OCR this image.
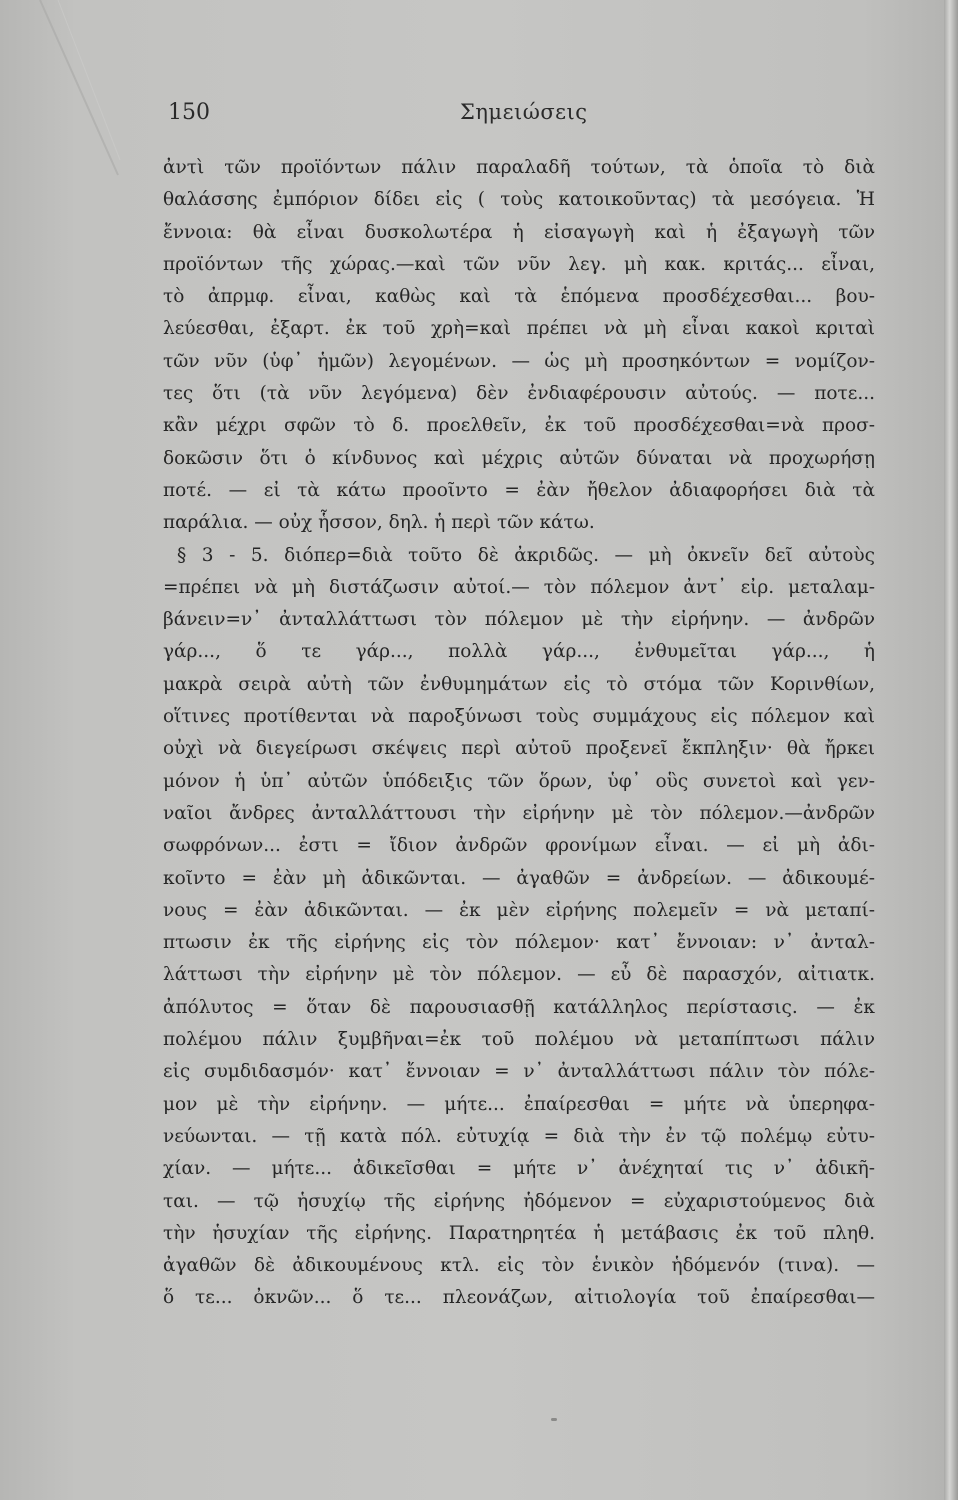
150	Σημειώσεις
ἀντὶ τῶν προϊόντων πάλιν παραλαδῆ τούτων, τὰ ὁποῖα τὸ διὰ
θαλάσσης ἐμπόριον δίδει εἰς ( τοὺς κατοικοῦντας) τὰ μεσόγεια. Ἡ
ἔννοια: θὰ εἶναι δυσκολωτέρα ἡ εἰσαγωγὴ καὶ ἡ ἐξαγωγὴ τῶν
προϊόντων τῆς χώρας.—καὶ τῶν νῦν λεγ. μὴ κακ. κριτάς... εἶναι,
τὸ ἀπρμφ. εἶναι, καθὼς καὶ τὰ ἑπόμενα προσδέχεσθαι... βου-
λεύεσθαι, ἐξαρτ. ἐκ τοῦ χρὴ=καὶ πρέπει νὰ μὴ εἶναι κακοὶ κριταὶ
τῶν νῦν (ὑφ᾽ ἡμῶν) λεγομένων. — ὡς μὴ προσηκόντων = νομίζον-
τες ὅτι (τὰ νῦν λεγόμενα) δὲν ἐνδιαφέρουσιν αὐτούς. — ποτε...
κἂν μέχρι σφῶν τὸ δ. προελθεῖν, ἐκ τοῦ προσδέχεσθαι=νὰ προσ-
δοκῶσιν ὅτι ὁ κίνδυνος καὶ μέχρις αὐτῶν δύναται νὰ προχωρήσῃ
ποτέ. — εἰ τὰ κάτω προοῖντο = ἐὰν ἤθελον ἀδιαφορήσει διὰ τὰ
παράλια. — οὐχ ἧσσον, δηλ. ἡ περὶ τῶν κάτω.
§ 3 - 5. διόπερ=διὰ τοῦτο δὲ ἀκριδῶς. — μὴ ὀκνεῖν δεῖ αὐτοὺς
=πρέπει νὰ μὴ διστάζωσιν αὐτοί.— τὸν πόλεμον ἀντ᾽ εἰρ. μεταλαμ-
βάνειν=ν᾽ ἀνταλλάττωσι τὸν πόλεμον μὲ τὴν εἰρήνην. — ἀνδρῶν
γάρ..., ὅ τε γάρ..., πολλὰ γάρ..., ἐνθυμεῖται γάρ..., ἡ
μακρὰ σειρὰ αὐτὴ τῶν ἐνθυμημάτων εἰς τὸ στόμα τῶν Κορινθίων,
οἵτινες προτίθενται νὰ παροξύνωσι τοὺς συμμάχους εἰς πόλεμον καὶ
οὐχὶ νὰ διεγείρωσι σκέψεις περὶ αὐτοῦ προξενεῖ ἔκπληξιν· θὰ ἤρκει
μόνον ἡ ὑπ᾽ αὐτῶν ὑπόδειξις τῶν ὅρων, ὑφ᾽ οὓς συνετοὶ καὶ γεν-
ναῖοι ἄνδρες ἀνταλλάττουσι τὴν εἰρήνην μὲ τὸν πόλεμον.—ἀνδρῶν
σωφρόνων... ἐστι = ἴδιον ἀνδρῶν φρονίμων εἶναι. — εἰ μὴ ἀδι-
κοῖντο = ἐὰν μὴ ἀδικῶνται. — ἀγαθῶν = ἀνδρείων. — ἀδικουμέ-
νους = ἐὰν ἀδικῶνται. — ἐκ μὲν εἰρήνης πολεμεῖν = νὰ μεταπί-
πτωσιν ἐκ τῆς εἰρήνης εἰς τὸν πόλεμον· κατ᾽ ἔννοιαν: ν᾽ ἀνταλ-
λάττωσι τὴν εἰρήνην μὲ τὸν πόλεμον. — εὖ δὲ παρασχόν, αἰτιατκ.
ἀπόλυτος = ὅταν δὲ παρουσιασθῇ κατάλληλος περίστασις. — ἐκ
πολέμου πάλιν ξυμβῆναι=ἐκ τοῦ πολέμου νὰ μεταπίπτωσι πάλιν
εἰς συμδιδασμόν· κατ᾽ ἔννοιαν = ν᾽ ἀνταλλάττωσι πάλιν τὸν πόλε-
μον μὲ τὴν εἰρήνην. — μήτε... ἐπαίρεσθαι = μήτε νὰ ὑπερηφα-
νεύωνται. — τῇ κατὰ πόλ. εὐτυχίᾳ = διὰ τὴν ἐν τῷ πολέμῳ εὐτυ-
χίαν. — μήτε... ἀδικεῖσθαι = μήτε ν᾽ ἀνέχηταί τις ν᾽ ἀδικῆ-
ται. — τῷ ἡσυχίῳ τῆς εἰρήνης ἡδόμενον = εὐχαριστούμενος διὰ
τὴν ἡσυχίαν τῆς εἰρήνης. Παρατηρητέα ἡ μετάβασις ἐκ τοῦ πληθ.
ἀγαθῶν δὲ ἀδικουμένους κτλ. εἰς τὸν ἑνικὸν ἡδόμενόν (τινα). —
ὅ τε... ὀκνῶν... ὅ τε... πλεονάζων, αἰτιολογία τοῦ ἐπαίρεσθαι—
